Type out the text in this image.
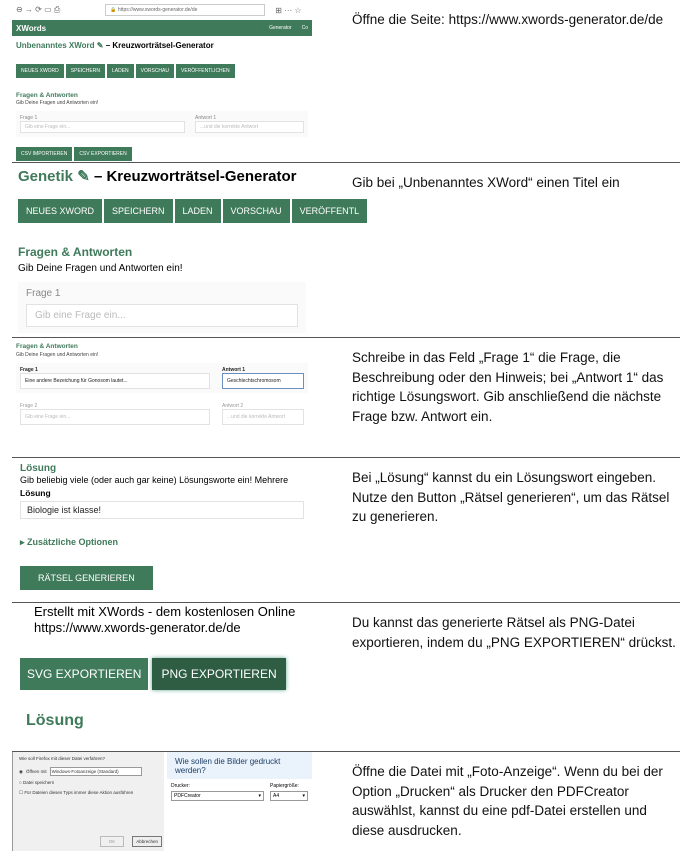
⊖ → ⟳ ▭ ⎙	🔒 https://www.xwords-generator.de/de	⊞ ··· ☆
XWords	Generator Co
Unbenanntes XWord ✎ – Kreuzworträtsel-Generator
NEUES XWORD SPEICHERN LADEN VORSCHAU VERÖFFENTLICHEN
Fragen & Antworten
Gib Deine Fragen und Antworten ein!
Frage 1
Gib eine Frage ein...
Antwort 1
...und die korrekte Antwort
CSV IMPORTIEREN CSV EXPORTIEREN
Öffne die Seite: https://www.xwords-generator.de/de
Genetik ✎ – Kreuzworträtsel-Generator
NEUES XWORD SPEICHERN LADEN VORSCHAU VERÖFFENTL
Fragen & Antworten
Gib Deine Fragen und Antworten ein!
Frage 1
Gib eine Frage ein...
Gib bei „Unbenanntes XWord“ einen Titel ein
Fragen & Antworten
Gib Deine Fragen und Antworten ein!
Frage 1
Eine andere Bezeichung für Gonosom lautet...
Antwort 1
Geschlechtschromosom
Frage 2
Gib eine Frage ein...
Antwort 2
...und die korrekte Antwort
Schreibe in das Feld „Frage 1“ die Frage, die Beschreibung oder den Hinweis; bei „Antwort 1“ das richtige Lösungswort. Gib anschließend die nächste Frage bzw. Antwort ein.
Lösung
Gib beliebig viele (oder auch gar keine) Lösungsworte ein! Mehrere
Lösung
Biologie ist klasse!
▸ Zusätzliche Optionen
RÄTSEL GENERIEREN
Bei „Lösung“ kannst du ein Lösungswort eingeben. Nutze den Button „Rätsel generieren“, um das Rätsel zu generieren.
Erstellt mit XWords - dem kostenlosen Online
https://www.xwords-generator.de/de
SVG EXPORTIEREN PNG EXPORTIEREN
Lösung
Du kannst das generierte Rätsel als PNG-Datei exportieren, indem du „PNG EXPORTIEREN“ drückst.
Wie soll Firefox mit dieser Datei verfahren?
◉ Öffnen mit	Windows-Fotoanzeige (Standard)
○ Datei speichern
☐ Für Dateien dieses Typs immer diese Aktion ausführen
OK	Abbrechen
Wie sollen die Bilder gedruckt werden?
Drucker:
PDFCreator	▾
Papiergröße:
A4	▾
Öffne die Datei mit „Foto-Anzeige“. Wenn du bei der Option „Drucken“ als Drucker den PDFCreator auswählst, kannst du eine pdf-Datei erstellen und diese ausdrucken.
